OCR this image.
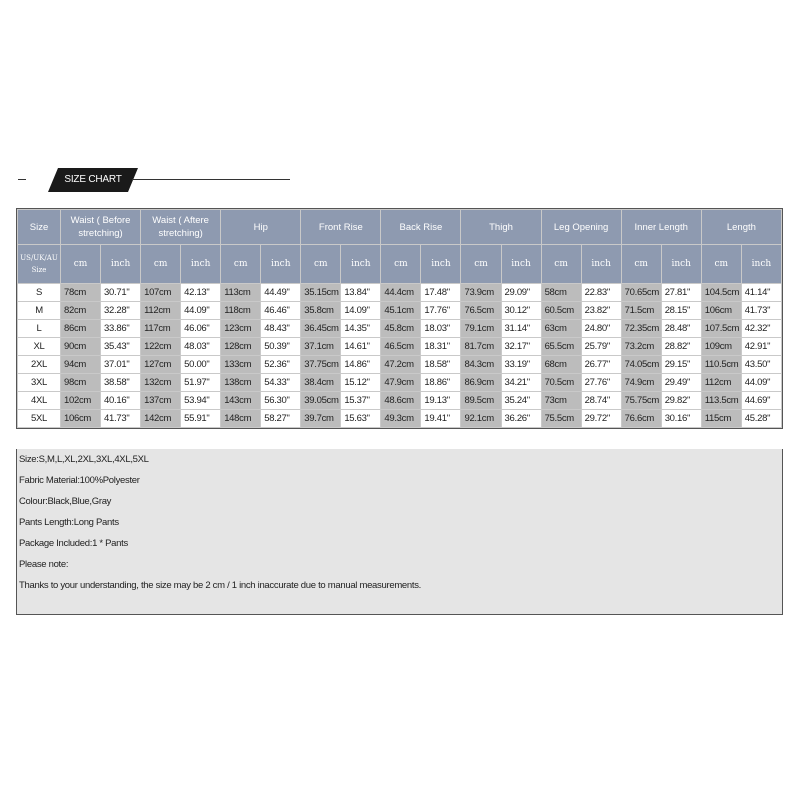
SIZE CHART
Size	Waist ( Before stretching)		Waist ( Aftere stretching)		Hip		Front Rise		Back Rise		Thigh		Leg Opening		Inner Length		Length	
US/UK/AU Size	cm	inch	cm	inch	cm	inch	cm	inch	cm	inch	cm	inch	cm	inch	cm	inch	cm	inch
S	78cm	30.71"	107cm	42.13"	113cm	44.49"	35.15cm	13.84"	44.4cm	17.48"	73.9cm	29.09"	58cm	22.83"	70.65cm	27.81"	104.5cm	41.14"
M	82cm	32.28"	112cm	44.09"	118cm	46.46"	35.8cm	14.09"	45.1cm	17.76"	76.5cm	30.12"	60.5cm	23.82"	71.5cm	28.15"	106cm	41.73"
L	86cm	33.86"	117cm	46.06"	123cm	48.43"	36.45cm	14.35"	45.8cm	18.03"	79.1cm	31.14"	63cm	24.80"	72.35cm	28.48"	107.5cm	42.32"
XL	90cm	35.43"	122cm	48.03"	128cm	50.39"	37.1cm	14.61"	46.5cm	18.31"	81.7cm	32.17"	65.5cm	25.79"	73.2cm	28.82"	109cm	42.91"
2XL	94cm	37.01"	127cm	50.00"	133cm	52.36"	37.75cm	14.86"	47.2cm	18.58"	84.3cm	33.19"	68cm	26.77"	74.05cm	29.15"	110.5cm	43.50"
3XL	98cm	38.58"	132cm	51.97"	138cm	54.33"	38.4cm	15.12"	47.9cm	18.86"	86.9cm	34.21"	70.5cm	27.76"	74.9cm	29.49"	112cm	44.09"
4XL	102cm	40.16"	137cm	53.94"	143cm	56.30"	39.05cm	15.37"	48.6cm	19.13"	89.5cm	35.24"	73cm	28.74"	75.75cm	29.82"	113.5cm	44.69"
5XL	106cm	41.73"	142cm	55.91"	148cm	58.27"	39.7cm	15.63"	49.3cm	19.41"	92.1cm	36.26"	75.5cm	29.72"	76.6cm	30.16"	115cm	45.28"
Size:S,M,L,XL,2XL,3XL,4XL,5XL
Fabric Material:100%Polyester
Colour:Black,Blue,Gray
Pants Length:Long Pants
Package Included:1 * Pants
Please note:
Thanks to your understanding, the size may be 2 cm / 1 inch inaccurate due to manual measurements.
